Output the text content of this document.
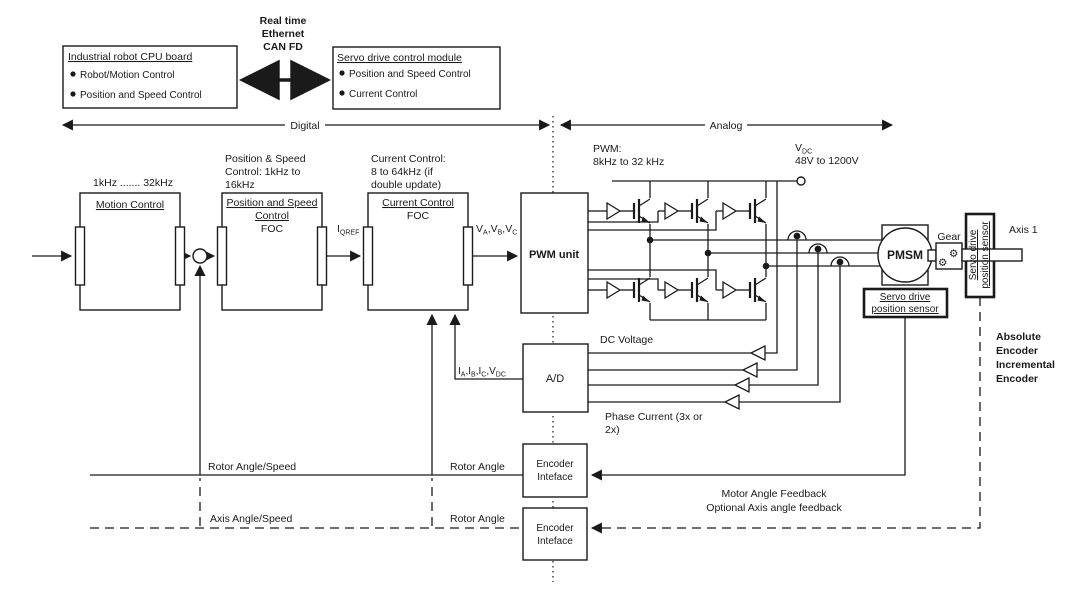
Digital	Analog
Industrial robot CPU board
Robot/Motion Control
Position and Speed Control
Real time
Ethernet
CAN FD
Servo drive control module
Position and Speed Control
Current Control
1kHz ....... 32kHz
Position & Speed
Control: 1kHz to
16kHz
Current Control:
8 to 64kHz (if
double update)
PWM:
8kHz to 32 kHz
$V_{DC}$
48V to 1200V
Motion Control	Position and Speed
Control
FOC
Current Control
FOC
PWM unit
A/D
Encoder
Inteface
Encoder
Inteface
PMSM
⚙
⚙
Gear Servo drive position sensor
Servo drive
position sensor
$I_{QREF}$	$V_A,V_B,V_C$
$I_A,I_B,I_C,V_{DC}$
DC Voltage
Phase Current (3x or
2x)
Rotor Angle/Speed	Rotor Angle
Axis Angle/Speed	Rotor Angle
Motor Angle Feedback
Optional Axis angle feedback
Absolute
Encoder
Incremental
Encoder
Axis 1
